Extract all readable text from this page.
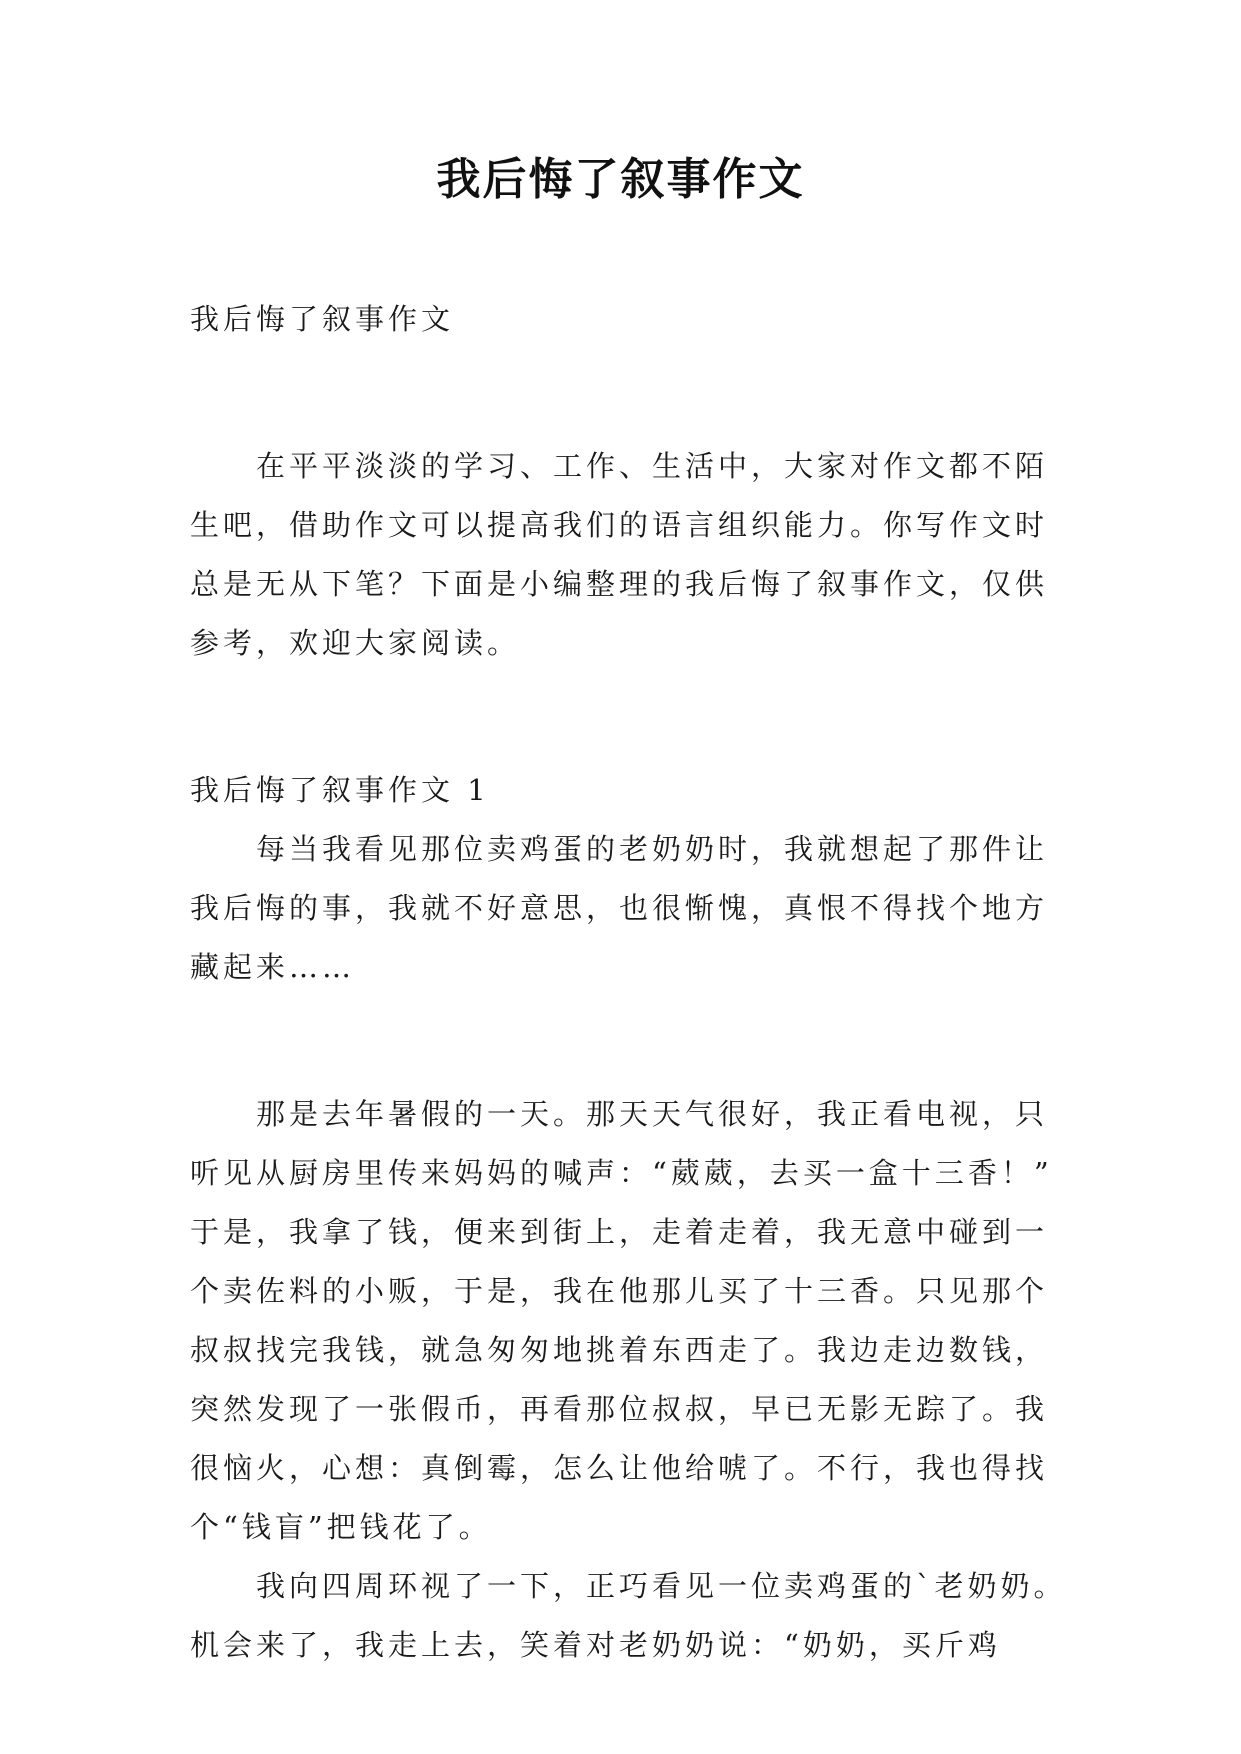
我后悔了叙事作文
我后悔了叙事作文
在平平淡淡的学习、工作、生活中，大家对作文都不陌
生吧，借助作文可以提高我们的语言组织能力。你写作文时
总是无从下笔？下面是小编整理的我后悔了叙事作文，仅供
参考，欢迎大家阅读。
我后悔了叙事作文 1
每当我看见那位卖鸡蛋的老奶奶时，我就想起了那件让
我后悔的事，我就不好意思，也很惭愧，真恨不得找个地方
藏起来……
那是去年暑假的一天。那天天气很好，我正看电视，只
听见从厨房里传来妈妈的喊声：“葳葳，去买一盒十三香！”
于是，我拿了钱，便来到街上，走着走着，我无意中碰到一
个卖佐料的小贩，于是，我在他那儿买了十三香。只见那个
叔叔找完我钱，就急匆匆地挑着东西走了。我边走边数钱，
突然发现了一张假币，再看那位叔叔，早已无影无踪了。我
很恼火，心想：真倒霉，怎么让他给唬了。不行，我也得找
个“钱盲”把钱花了。
我向四周环视了一下，正巧看见一位卖鸡蛋的`老奶奶。
机会来了，我走上去，笑着对老奶奶说：“奶奶，买斤鸡
